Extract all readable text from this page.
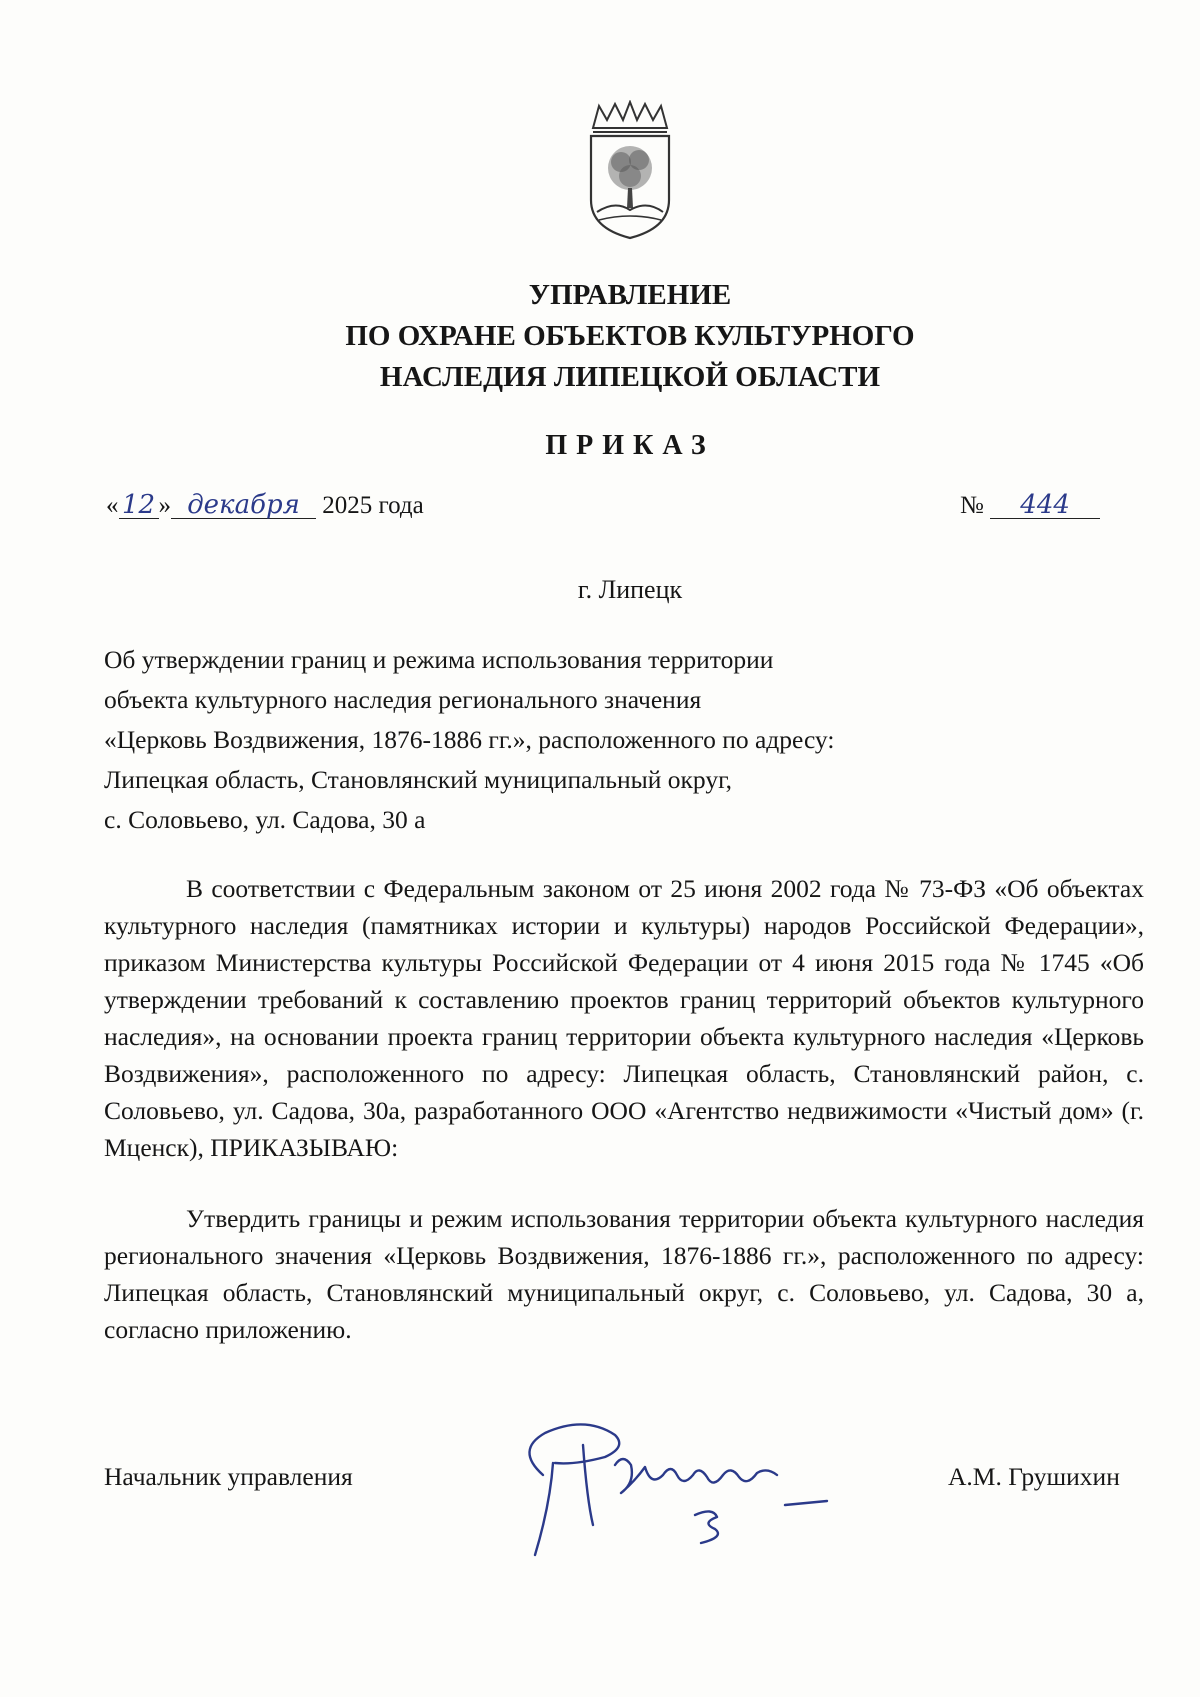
УПРАВЛЕНИЕ
ПО ОХРАНЕ ОБЪЕКТОВ КУЛЬТУРНОГО
НАСЛЕДИЯ ЛИПЕЦКОЙ ОБЛАСТИ
ПРИКАЗ
« 12 » декабря 2025 года	№ 444
г. Липецк
Об утверждении границ и режима использования территории
объекта культурного наследия регионального значения
«Церковь Воздвижения, 1876-1886 гг.», расположенного по адресу:
Липецкая область, Становлянский муниципальный округ,
с. Соловьево, ул. Садова, 30 а
В соответствии с Федеральным законом от 25 июня 2002 года № 73-ФЗ «Об объектах культурного наследия (памятниках истории и культуры) народов Российской Федерации», приказом Министерства культуры Российской Федерации от 4 июня 2015 года № 1745 «Об утверждении требований к составлению проектов границ территорий объектов культурного наследия», на основании проекта границ территории объекта культурного наследия «Церковь Воздвижения», расположенного по адресу: Липецкая область, Становлянский район, с. Соловьево, ул. Садова, 30а, разработанного ООО «Агентство недвижимости «Чистый дом» (г. Мценск), ПРИКАЗЫВАЮ:
Утвердить границы и режим использования территории объекта культурного наследия регионального значения «Церковь Воздвижения, 1876-1886 гг.», расположенного по адресу: Липецкая область, Становлянский муниципальный округ, с. Соловьево, ул. Садова, 30 а, согласно приложению.
Начальник управления	А.М. Грушихин
